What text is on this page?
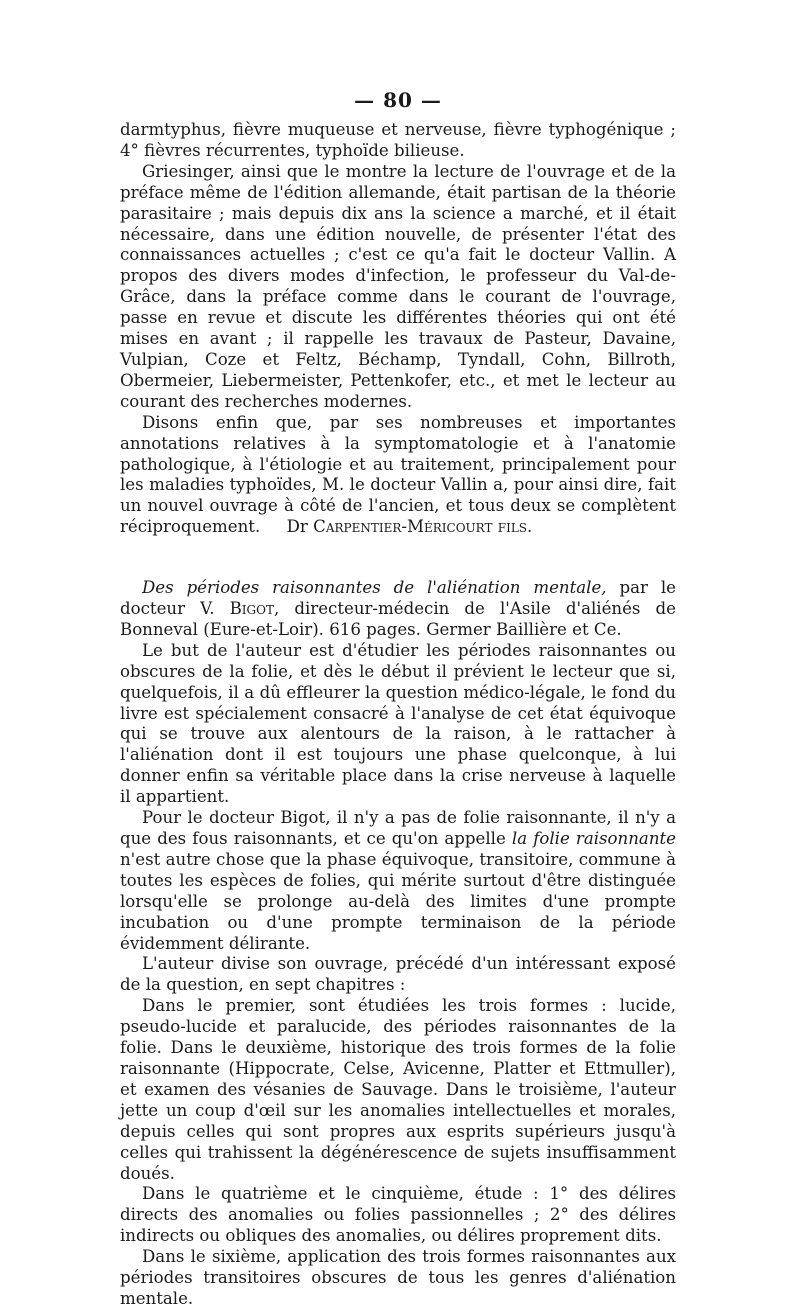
— 80 —

darmtyphus, fièvre muqueuse et nerveuse, fièvre typhogénique ; 4° fièvres récurrentes, typhoïde bilieuse.

Griesinger, ainsi que le montre la lecture de l'ouvrage et de la préface même de l'édition allemande, était partisan de la théorie parasitaire ; mais depuis dix ans la science a marché, et il était nécessaire, dans une édition nouvelle, de présenter l'état des connaissances actuelles ; c'est ce qu'a fait le docteur Vallin. A propos des divers modes d'infection, le professeur du Val-de-Grâce, dans la préface comme dans le courant de l'ouvrage, passe en revue et discute les différentes théories qui ont été mises en avant ; il rappelle les travaux de Pasteur, Davaine, Vulpian, Coze et Feltz, Béchamp, Tyndall, Cohn, Billroth, Obermeier, Liebermeister, Pettenkofer, etc., et met le lecteur au courant des recherches modernes.

Disons enfin que, par ses nombreuses et importantes annotations relatives à la symptomatologie et à l'anatomie pathologique, à l'étiologie et au traitement, principalement pour les maladies typhoïdes, M. le docteur Vallin a, pour ainsi dire, fait un nouvel ouvrage à côté de l'ancien, et tous deux se complètent réciproquement. Dr Carpentier-Méricourt fils.

Des périodes raisonnantes de l'aliénation mentale, par le docteur V. Bigot, directeur-médecin de l'Asile d'aliénés de Bonneval (Eure-et-Loir). 616 pages. Germer Baillière et Ce.

Le but de l'auteur est d'étudier les périodes raisonnantes ou obscures de la folie, et dès le début il prévient le lecteur que si, quelquefois, il a dû effleurer la question médico-légale, le fond du livre est spécialement consacré à l'analyse de cet état équivoque qui se trouve aux alentours de la raison, à le rattacher à l'aliénation dont il est toujours une phase quelconque, à lui donner enfin sa véritable place dans la crise nerveuse à laquelle il appartient.

Pour le docteur Bigot, il n'y a pas de folie raisonnante, il n'y a que des fous raisonnants, et ce qu'on appelle la folie raisonnante n'est autre chose que la phase équivoque, transitoire, commune à toutes les espèces de folies, qui mérite surtout d'être distinguée lorsqu'elle se prolonge au-delà des limites d'une prompte incubation ou d'une prompte terminaison de la période évidemment délirante.

L'auteur divise son ouvrage, précédé d'un intéressant exposé de la question, en sept chapitres :

Dans le premier, sont étudiées les trois formes : lucide, pseudo-lucide et paralucide, des périodes raisonnantes de la folie. Dans le deuxième, historique des trois formes de la folie raisonnante (Hippocrate, Celse, Avicenne, Platter et Ettmuller), et examen des vésanies de Sauvage. Dans le troisième, l'auteur jette un coup d'œil sur les anomalies intellectuelles et morales, depuis celles qui sont propres aux esprits supérieurs jusqu'à celles qui trahissent la dégénérescence de sujets insuffisamment doués.

Dans le quatrième et le cinquième, étude : 1° des délires directs des anomalies ou folies passionnelles ; 2° des délires indirects ou obliques des anomalies, ou délires proprement dits.

Dans le sixième, application des trois formes raisonnantes aux périodes transitoires obscures de tous les genres d'aliénation mentale.
